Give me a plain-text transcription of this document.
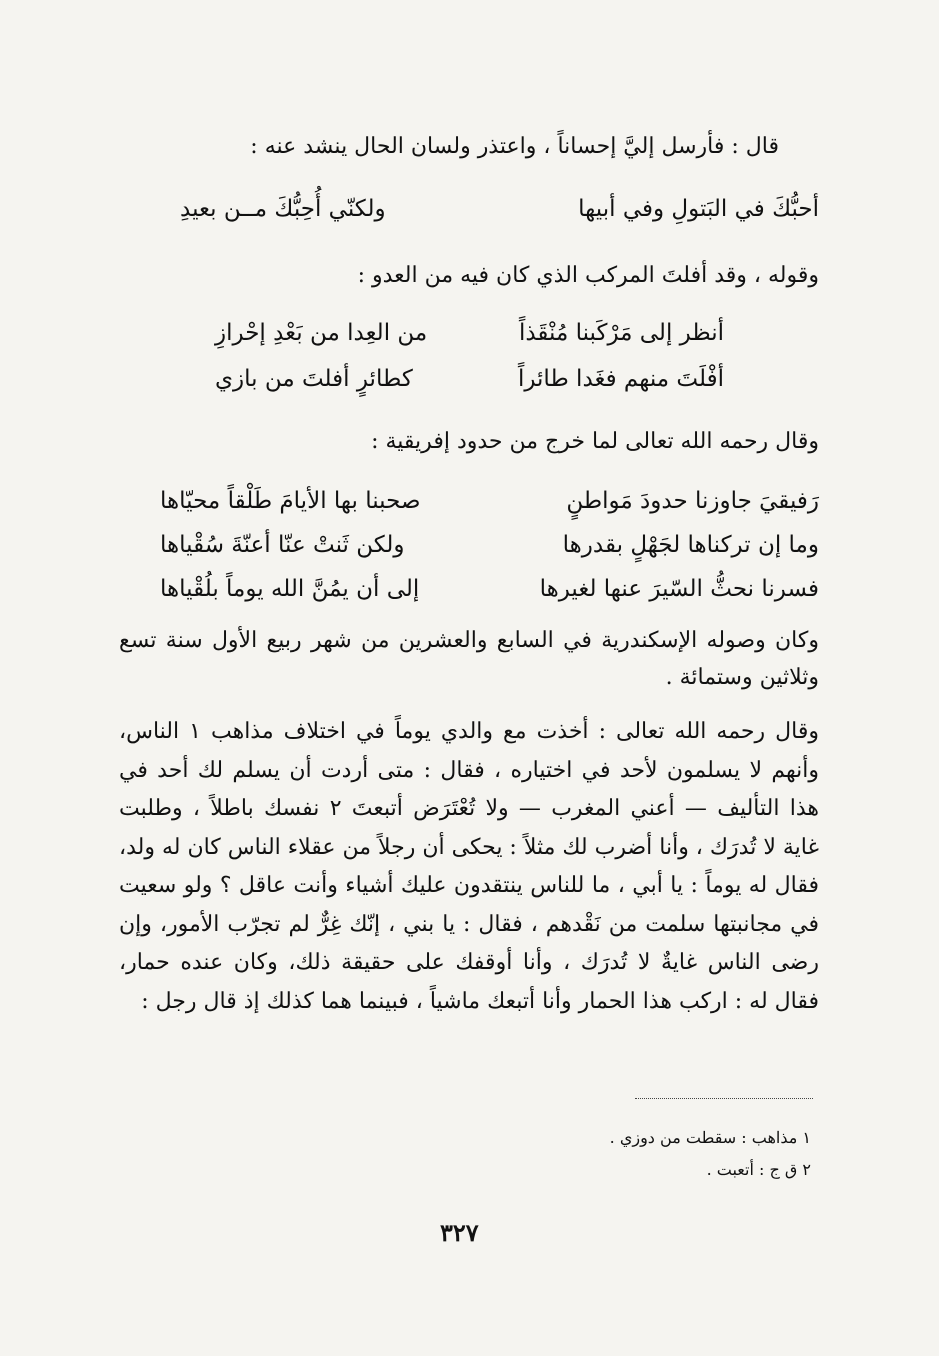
قال : فأرسل إليَّ إحساناً ، واعتذر ولسان الحال ينشد عنه :
أحبُّكَ في البَتولِ وفي أبيها
ولكنّي أُحِبُّكَ مــن بعيدِ
وقوله ، وقد أفلتَ المركب الذي كان فيه من العدو :
أنظر إلى مَرْكَبنا مُنْقَذاً
من العِدا من بَعْدِ إحْرازِ
أفْلَتَ منهم فغَدا طائراً
كطائرٍ أفلتَ من بازي
وقال رحمه الله تعالى لما خرج من حدود إفريقية :
رَفيقيَ جاوزنا حدودَ مَواطنٍ
صحبنا بها الأيامَ طَلْقاً محيّاها
وما إن تركناها لجَهْلٍ بقدرها
ولكن ثَنتْ عنّا أعنّةَ سُقْياها
فسرنا نحثُّ السّيرَ عنها لغيرها
إلى أن يمُنَّ الله يوماً بلُقْياها

وكان وصوله الإسكندرية في السابع والعشرين من شهر ربيع الأول سنة تسع وثلاثين وستمائة .

وقال رحمه الله تعالى : أخذت مع والدي يوماً في اختلاف مذاهب ١ الناس، وأنهم لا يسلمون لأحد في اختياره ، فقال : متى أردت أن يسلم لك أحد في هذا التأليف — أعني المغرب — ولا تُعْتَرَض أتبعتَ ٢ نفسك باطلاً ، وطلبت غاية لا تُدرَك ، وأنا أضرب لك مثلاً : يحكى أن رجلاً من عقلاء الناس كان له ولد، فقال له يوماً : يا أبي ، ما للناس ينتقدون عليك أشياء وأنت عاقل ؟ ولو سعيت في مجانبتها سلمت من نَقْدهم ، فقال : يا بني ، إنّك غِرٌّ لم تجرّب الأمور، وإن رضى الناس غايةٌ لا تُدرَك ، وأنا أوقفك على حقيقة ذلك، وكان عنده حمار، فقال له : اركب هذا الحمار وأنا أتبعك ماشياً ، فبينما هما كذلك إذ قال رجل :

١ مذاهب : سقطت من دوزي .
٢ ق ج : أتعبت .
٣٢٧
